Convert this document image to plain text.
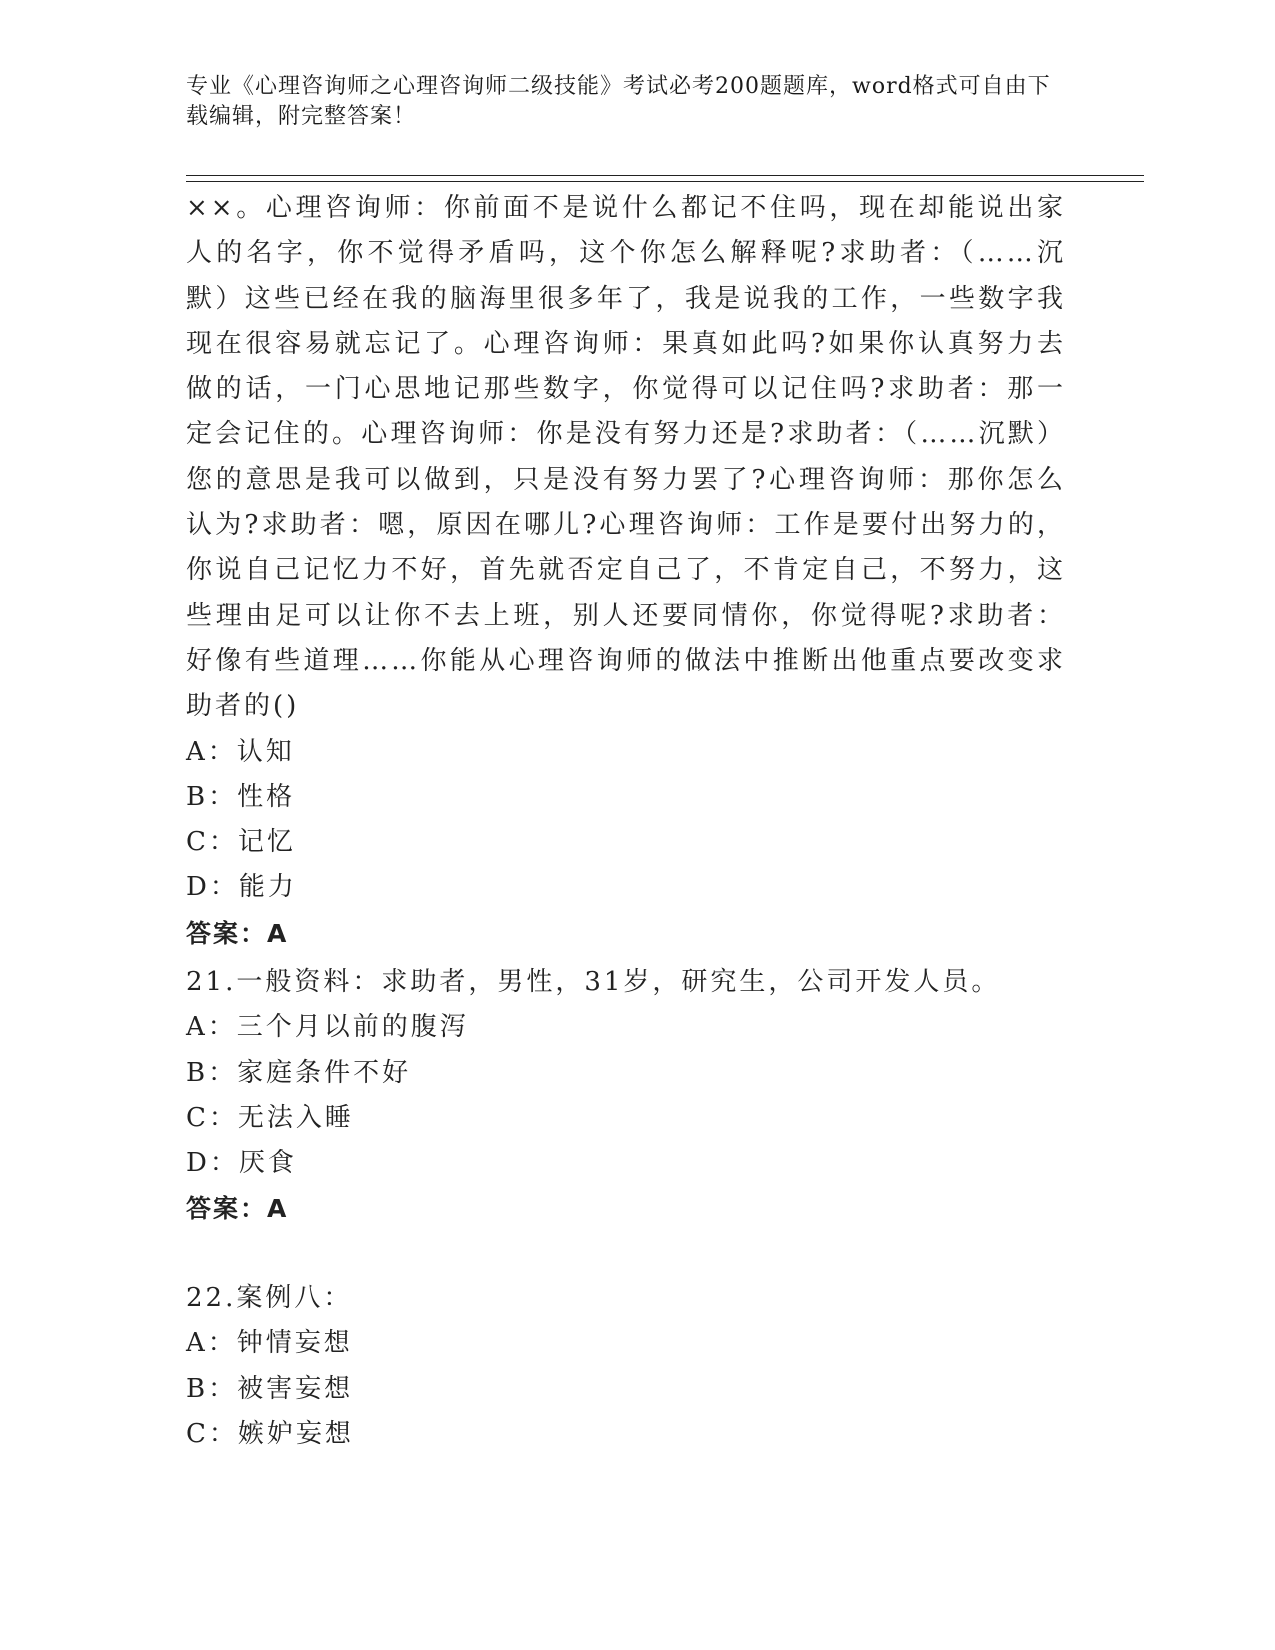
专业《心理咨询师之心理咨询师二级技能》考试必考200题题库，word格式可自由下载编辑，附完整答案！
××。心理咨询师：你前面不是说什么都记不住吗，现在却能说出家人的名字，你不觉得矛盾吗，这个你怎么解释呢?求助者：（……沉默）这些已经在我的脑海里很多年了，我是说我的工作，一些数字我现在很容易就忘记了。心理咨询师：果真如此吗?如果你认真努力去做的话，一门心思地记那些数字，你觉得可以记住吗?求助者：那一定会记住的。心理咨询师：你是没有努力还是?求助者：（……沉默）您的意思是我可以做到，只是没有努力罢了?心理咨询师：那你怎么认为?求助者：嗯，原因在哪儿?心理咨询师：工作是要付出努力的，你说自己记忆力不好，首先就否定自己了，不肯定自己，不努力，这些理由足可以让你不去上班，别人还要同情你，你觉得呢?求助者：好像有些道理……你能从心理咨询师的做法中推断出他重点要改变求助者的()
A：认知
B：性格
C：记忆
D：能力
答案：A
21.一般资料：求助者，男性，31岁，研究生，公司开发人员。
A：三个月以前的腹泻
B：家庭条件不好
C：无法入睡
D：厌食
答案：A
22.案例八：
A：钟情妄想
B：被害妄想
C：嫉妒妄想
